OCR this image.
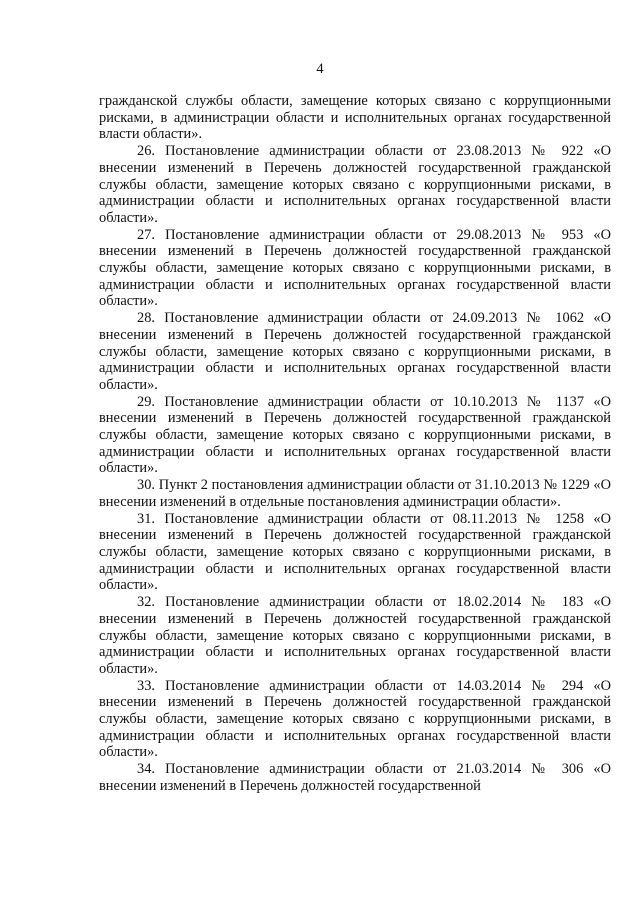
4

гражданской службы области, замещение которых связано с коррупционными рисками, в администрации области и исполнительных органах государственной власти области».

26. Постановление администрации области от 23.08.2013 № 922 «О внесении изменений в Перечень должностей государственной гражданской службы области, замещение которых связано с коррупционными рисками, в администрации области и исполнительных органах государственной власти области».

27. Постановление администрации области от 29.08.2013 № 953 «О внесении изменений в Перечень должностей государственной гражданской службы области, замещение которых связано с коррупционными рисками, в администрации области и исполнительных органах государственной власти области».

28. Постановление администрации области от 24.09.2013 № 1062 «О внесении изменений в Перечень должностей государственной гражданской службы области, замещение которых связано с коррупционными рисками, в администрации области и исполнительных органах государственной власти области».

29. Постановление администрации области от 10.10.2013 № 1137 «О внесении изменений в Перечень должностей государственной гражданской службы области, замещение которых связано с коррупционными рисками, в администрации области и исполнительных органах государственной власти области».

30. Пункт 2 постановления администрации области от 31.10.2013 № 1229 «О внесении изменений в отдельные постановления администрации области».

31. Постановление администрации области от 08.11.2013 № 1258 «О внесении изменений в Перечень должностей государственной гражданской службы области, замещение которых связано с коррупционными рисками, в администрации области и исполнительных органах государственной власти области».

32. Постановление администрации области от 18.02.2014 № 183 «О внесении изменений в Перечень должностей государственной гражданской службы области, замещение которых связано с коррупционными рисками, в администрации области и исполнительных органах государственной власти области».

33. Постановление администрации области от 14.03.2014 № 294 «О внесении изменений в Перечень должностей государственной гражданской службы области, замещение которых связано с коррупционными рисками, в администрации области и исполнительных органах государственной власти области».

34. Постановление администрации области от 21.03.2014 № 306 «О внесении изменений в Перечень должностей государственной
